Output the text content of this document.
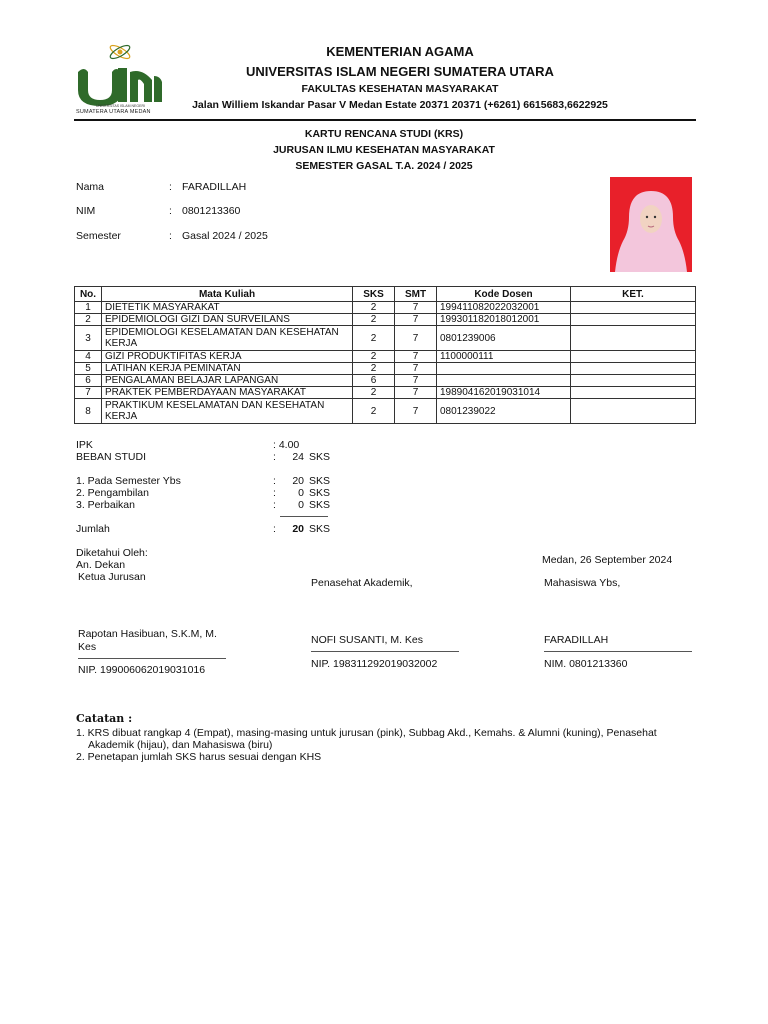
UNIVERSITAS ISLAM NEGERI
SUMATERA UTARA MEDAN
KEMENTERIAN AGAMA
UNIVERSITAS ISLAM NEGERI SUMATERA UTARA
FAKULTAS KESEHATAN MASYARAKAT
Jalan Williem Iskandar Pasar V Medan Estate 20371 20371 (+6261) 6615683,6622925
KARTU RENCANA STUDI (KRS)
JURUSAN ILMU KESEHATAN MASYARAKAT
SEMESTER GASAL T.A. 2024 / 2025
Nama	: FARADILLAH
NIM	: 0801213360
Semester	: Gasal 2024 / 2025
No.	Mata Kuliah	SKS	SMT	Kode Dosen	KET.
1	DIETETIK MASYARAKAT	2	7	199411082022032001	
2	EPIDEMIOLOGI GIZI DAN SURVEILANS	2	7	199301182018012001	
3	EPIDEMIOLOGI KESELAMATAN DAN KESEHATAN KERJA	2	7	0801239006	
4	GIZI PRODUKTIFITAS KERJA	2	7	1100000111	
5	LATIHAN KERJA PEMINATAN	2	7		
6	PENGALAMAN BELAJAR LAPANGAN	6	7		
7	PRAKTEK PEMBERDAYAAN MASYARAKAT	2	7	198904162019031014	
8	PRAKTIKUM KESELAMATAN DAN KESEHATAN KERJA	2	7	0801239022	
IPK	: 4.00
BEBAN STUDI	:	24 SKS
1. Pada Semester Ybs	:	20 SKS
2. Pengambilan	:	0 SKS
3. Perbaikan	:	0 SKS
Jumlah	:	20 SKS
Diketahui Oleh:
An. Dekan
Ketua Jurusan
Medan, 26 September 2024
Penasehat Akademik,	Mahasiswa Ybs,
Rapotan Hasibuan, S.K.M, M. Kes
NIP. 199006062019031016
NOFI SUSANTI, M. Kes
NIP. 198311292019032002
FARADILLAH
NIM. 0801213360
Catatan :
1. KRS dibuat rangkap 4 (Empat), masing-masing untuk jurusan (pink), Subbag Akd., Kemahs. & Alumni (kuning), Penasehat Akademik (hijau), dan Mahasiswa (biru)
2. Penetapan jumlah SKS harus sesuai dengan KHS
